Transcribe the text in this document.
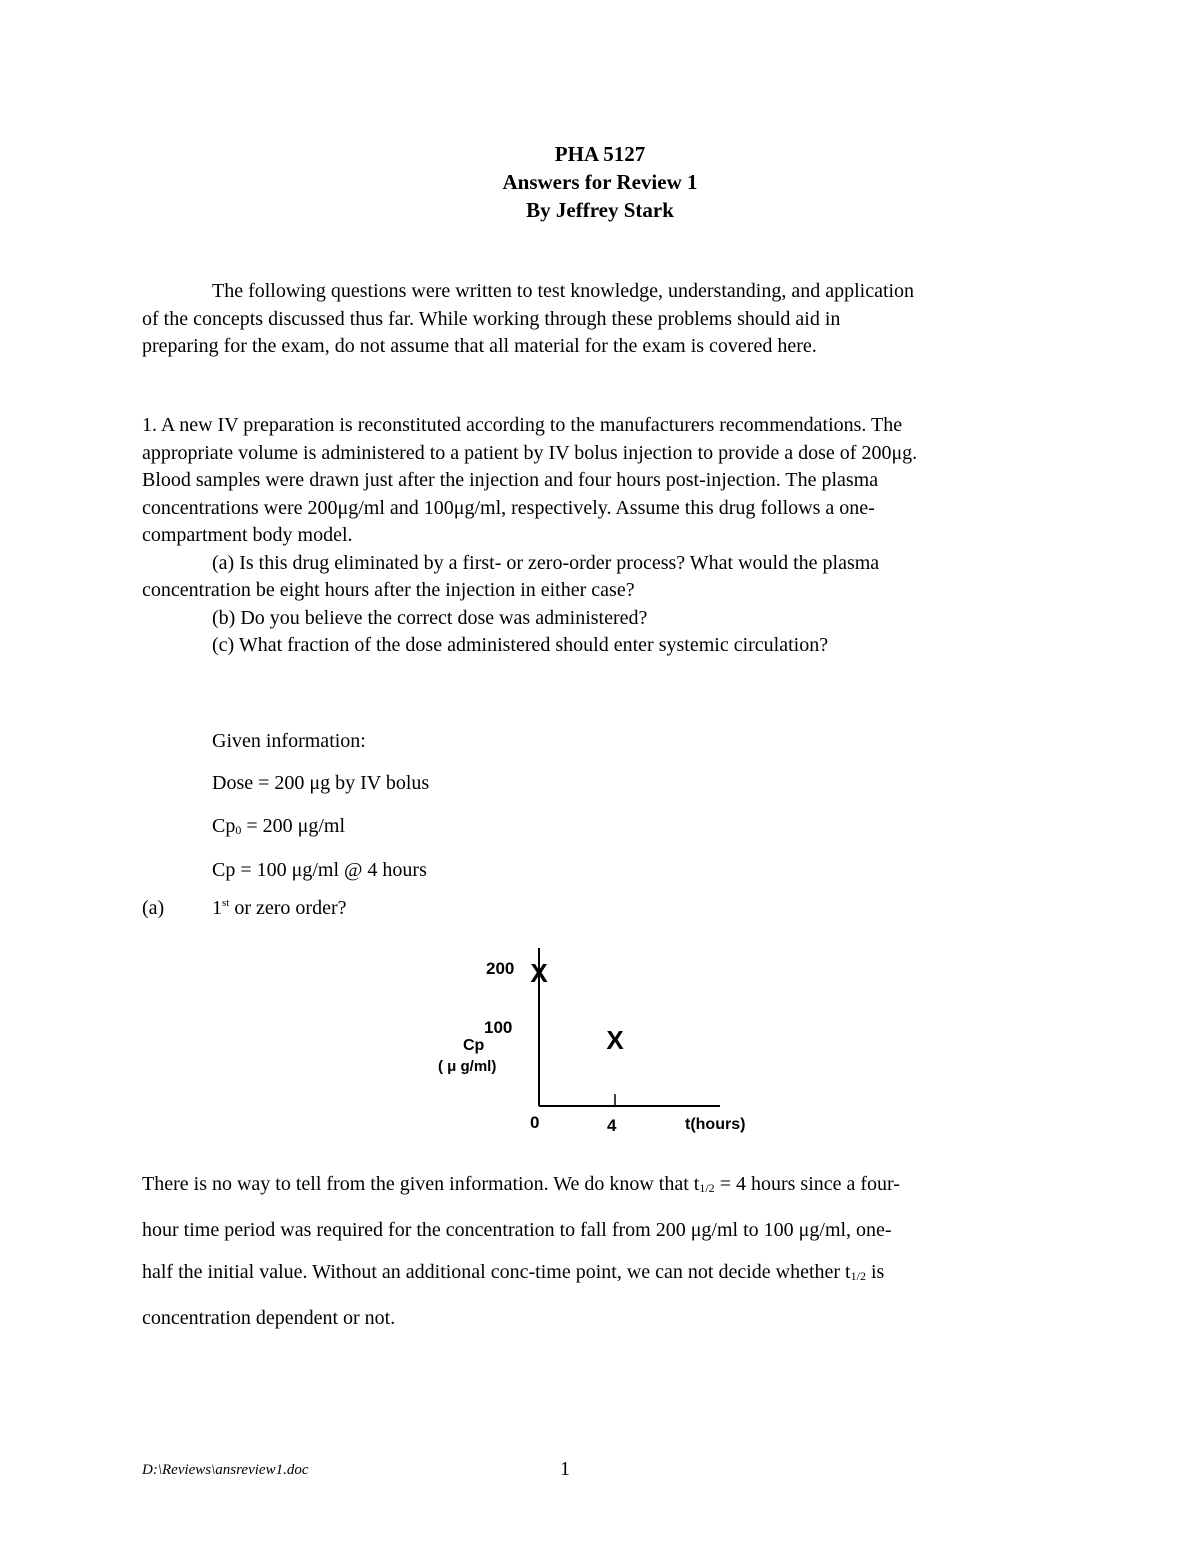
PHA 5127
Answers for Review 1
By Jeffrey Stark
The following questions were written to test knowledge, understanding, and application
of the concepts discussed thus far. While working through these problems should aid in
preparing for the exam, do not assume that all material for the exam is covered here.
1. A new IV preparation is reconstituted according to the manufacturers recommendations. The
appropriate volume is administered to a patient by IV bolus injection to provide a dose of 200μg.
Blood samples were drawn just after the injection and four hours post-injection. The plasma
concentrations were 200μg/ml and 100μg/ml, respectively. Assume this drug follows a one-
compartment body model.
(a) Is this drug eliminated by a first- or zero-order process? What would the plasma
concentration be eight hours after the injection in either case?
(b) Do you believe the correct dose was administered?
(c) What fraction of the dose administered should enter systemic circulation?
Given information:
Dose = 200 μg by IV bolus
$Cp_0 = 200$ μg/ml
Cp = 100 μg/ml @ 4 hours
(a) 1st or zero order?
X
X
200
100
Cp
( μ g/ml)
0	4	t(hours)
There is no way to tell from the given information. We do know that $t_{1/2} = 4$ hours since a four-
hour time period was required for the concentration to fall from 200 μg/ml to 100 μg/ml, one-
half the initial value. Without an additional conc-time point, we can not decide whether $t_{1/2}$ is
concentration dependent or not.
D:\Reviews\ansreview1.doc	1
